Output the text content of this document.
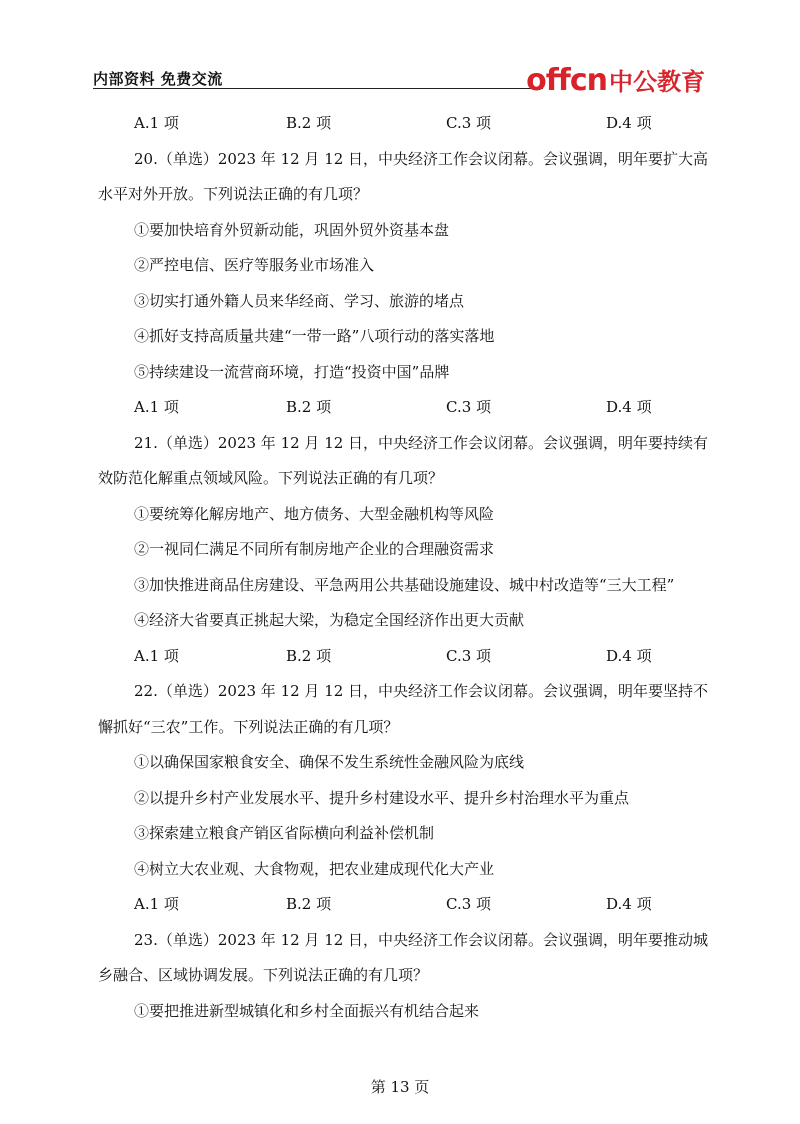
内部资料 免费交流	offcn 中公教育
A.1 项	B.2 项	C.3 项	D.4 项
20.（单选）2023 年 12 月 12 日，中央经济工作会议闭幕。会议强调，明年要扩大高
水平对外开放。下列说法正确的有几项？
①要加快培育外贸新动能，巩固外贸外资基本盘
②严控电信、医疗等服务业市场准入
③切实打通外籍人员来华经商、学习、旅游的堵点
④抓好支持高质量共建“一带一路”八项行动的落实落地
⑤持续建设一流营商环境，打造“投资中国”品牌
A.1 项	B.2 项	C.3 项	D.4 项
21.（单选）2023 年 12 月 12 日，中央经济工作会议闭幕。会议强调，明年要持续有
效防范化解重点领域风险。下列说法正确的有几项？
①要统筹化解房地产、地方债务、大型金融机构等风险
②一视同仁满足不同所有制房地产企业的合理融资需求
③加快推进商品住房建设、平急两用公共基础设施建设、城中村改造等“三大工程”
④经济大省要真正挑起大梁，为稳定全国经济作出更大贡献
A.1 项	B.2 项	C.3 项	D.4 项
22.（单选）2023 年 12 月 12 日，中央经济工作会议闭幕。会议强调，明年要坚持不
懈抓好“三农”工作。下列说法正确的有几项？
①以确保国家粮食安全、确保不发生系统性金融风险为底线
②以提升乡村产业发展水平、提升乡村建设水平、提升乡村治理水平为重点
③探索建立粮食产销区省际横向利益补偿机制
④树立大农业观、大食物观，把农业建成现代化大产业
A.1 项	B.2 项	C.3 项	D.4 项
23.（单选）2023 年 12 月 12 日，中央经济工作会议闭幕。会议强调，明年要推动城
乡融合、区域协调发展。下列说法正确的有几项？
①要把推进新型城镇化和乡村全面振兴有机结合起来
第 13 页
